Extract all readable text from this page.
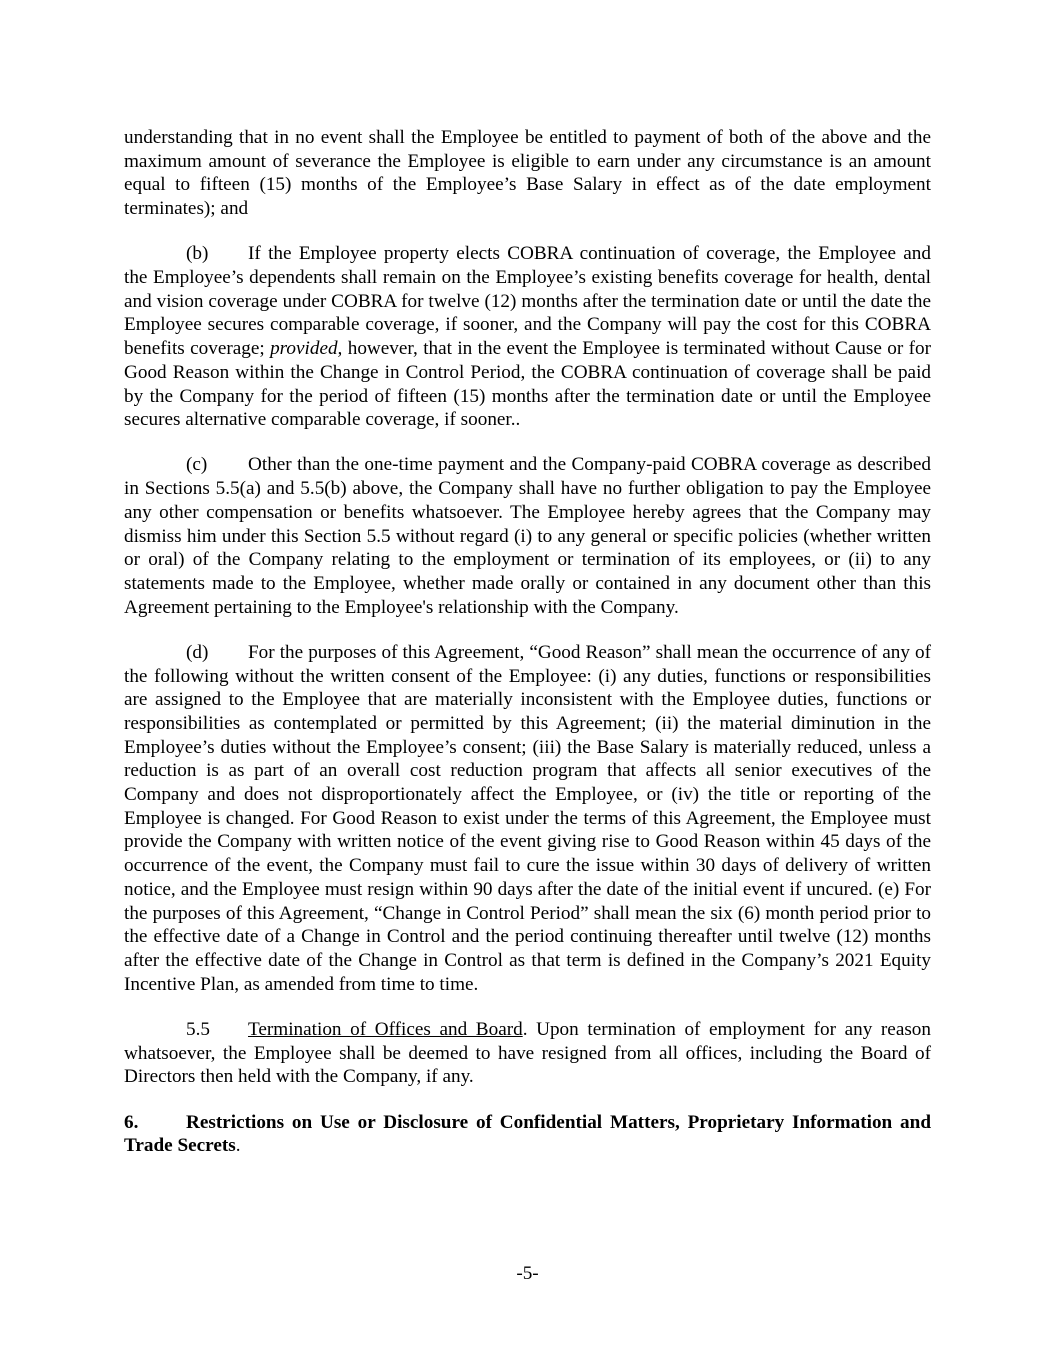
understanding that in no event shall the Employee be entitled to payment of both of the above and the maximum amount of severance the Employee is eligible to earn under any circumstance is an amount equal to fifteen (15) months of the Employee’s Base Salary in effect as of the date employment terminates); and

(b) If the Employee property elects COBRA continuation of coverage, the Employee and the Employee’s dependents shall remain on the Employee’s existing benefits coverage for health, dental and vision coverage under COBRA for twelve (12) months after the termination date or until the date the Employee secures comparable coverage, if sooner, and the Company will pay the cost for this COBRA benefits coverage; provided, however, that in the event the Employee is terminated without Cause or for Good Reason within the Change in Control Period, the COBRA continuation of coverage shall be paid by the Company for the period of fifteen (15) months after the termination date or until the Employee secures alternative comparable coverage, if sooner..

(c) Other than the one-time payment and the Company-paid COBRA coverage as described in Sections 5.5(a) and 5.5(b) above, the Company shall have no further obligation to pay the Employee any other compensation or benefits whatsoever. The Employee hereby agrees that the Company may dismiss him under this Section 5.5 without regard (i) to any general or specific policies (whether written or oral) of the Company relating to the employment or termination of its employees, or (ii) to any statements made to the Employee, whether made orally or contained in any document other than this Agreement pertaining to the Employee's relationship with the Company.

(d) For the purposes of this Agreement, “Good Reason” shall mean the occurrence of any of the following without the written consent of the Employee: (i) any duties, functions or responsibilities are assigned to the Employee that are materially inconsistent with the Employee duties, functions or responsibilities as contemplated or permitted by this Agreement; (ii) the material diminution in the Employee’s duties without the Employee’s consent; (iii) the Base Salary is materially reduced, unless a reduction is as part of an overall cost reduction program that affects all senior executives of the Company and does not disproportionately affect the Employee, or (iv) the title or reporting of the Employee is changed. For Good Reason to exist under the terms of this Agreement, the Employee must provide the Company with written notice of the event giving rise to Good Reason within 45 days of the occurrence of the event, the Company must fail to cure the issue within 30 days of delivery of written notice, and the Employee must resign within 90 days after the date of the initial event if uncured. (e) For the purposes of this Agreement, “Change in Control Period” shall mean the six (6) month period prior to the effective date of a Change in Control and the period continuing thereafter until twelve (12) months after the effective date of the Change in Control as that term is defined in the Company’s 2021 Equity Incentive Plan, as amended from time to time.

5.5 Termination of Offices and Board. Upon termination of employment for any reason whatsoever, the Employee shall be deemed to have resigned from all offices, including the Board of Directors then held with the Company, if any.

6. Restrictions on Use or Disclosure of Confidential Matters, Proprietary Information and Trade Secrets.

-5-
